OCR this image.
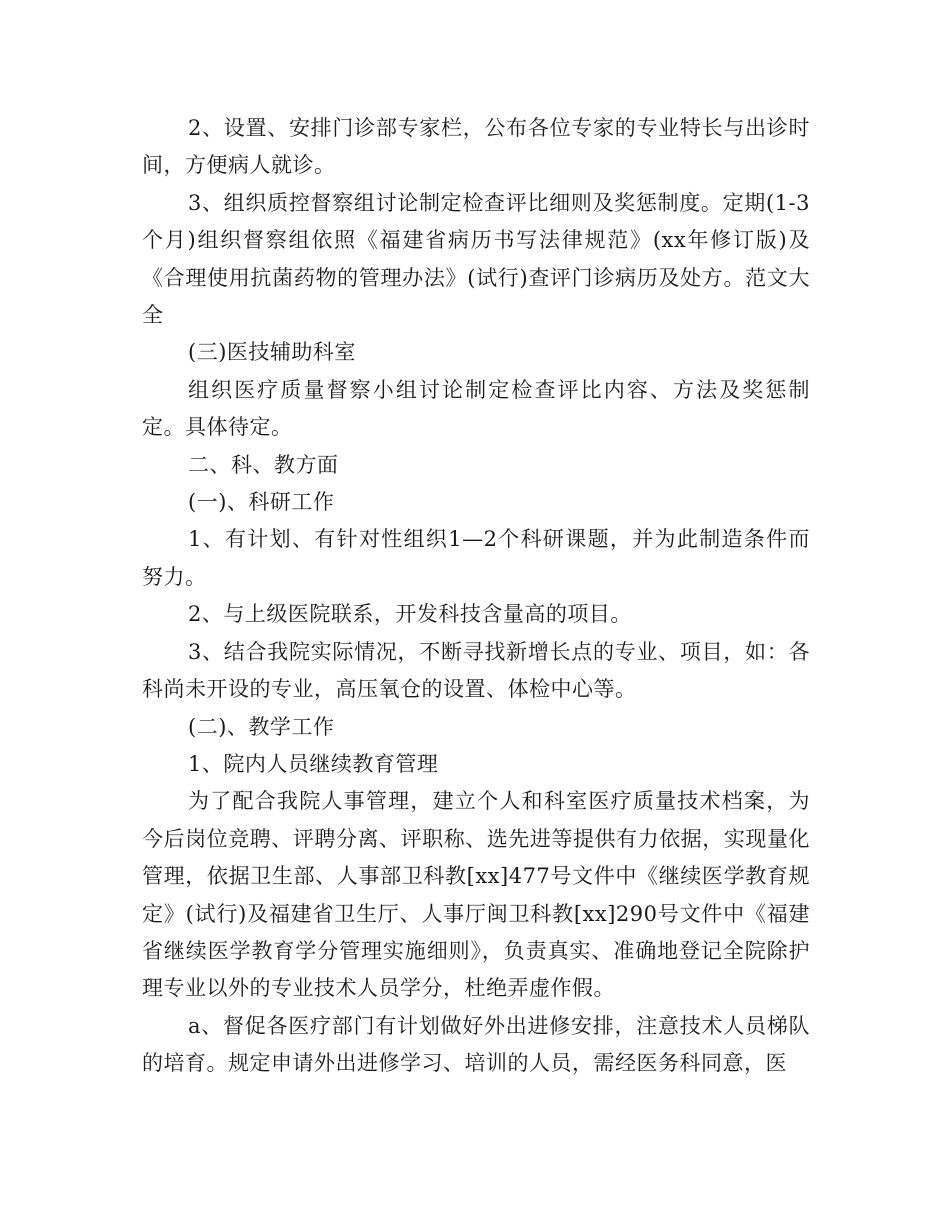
2、设置、安排门诊部专家栏，公布各位专家的专业特长与出诊时间，方便病人就诊。

3、组织质控督察组讨论制定检查评比细则及奖惩制度。定期(1-3个月)组织督察组依照《福建省病历书写法律规范》(xx年修订版)及《合理使用抗菌药物的管理办法》(试行)查评门诊病历及处方。范文大全

(三)医技辅助科室

组织医疗质量督察小组讨论制定检查评比内容、方法及奖惩制定。具体待定。

二、科、教方面

(一)、科研工作

1、有计划、有针对性组织1—2个科研课题，并为此制造条件而努力。

2、与上级医院联系，开发科技含量高的项目。

3、结合我院实际情况，不断寻找新增长点的专业、项目，如：各科尚未开设的专业，高压氧仓的设置、体检中心等。

(二)、教学工作

1、院内人员继续教育管理

为了配合我院人事管理，建立个人和科室医疗质量技术档案，为今后岗位竞聘、评聘分离、评职称、选先进等提供有力依据，实现量化管理，依据卫生部、人事部卫科教[xx]477号文件中《继续医学教育规定》(试行)及福建省卫生厅、人事厅闽卫科教[xx]290号文件中《福建省继续医学教育学分管理实施细则》，负责真实、准确地登记全院除护理专业以外的专业技术人员学分，杜绝弄虚作假。

a、督促各医疗部门有计划做好外出进修安排，注意技术人员梯队的培育。规定申请外出进修学习、培训的人员，需经医务科同意，医
